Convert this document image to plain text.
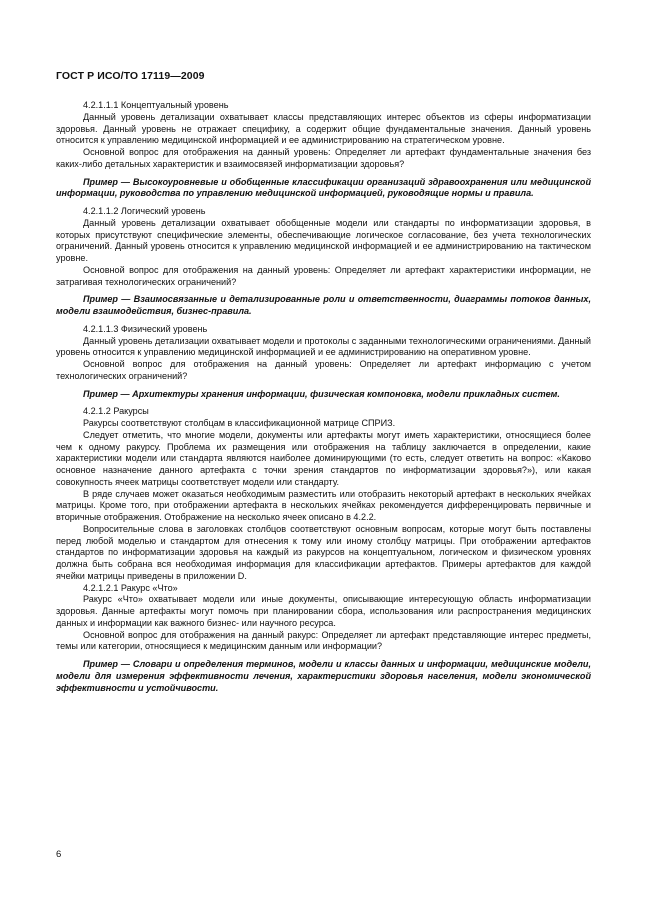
ГОСТ Р ИСО/ТО 17119—2009

4.2.1.1.1 Концептуальный уровень

Данный уровень детализации охватывает классы представляющих интерес объектов из сферы информатизации здоровья. Данный уровень не отражает специфику, а содержит общие фундаментальные значения. Данный уровень относится к управлению медицинской информацией и ее администрированию на стратегическом уровне.

Основной вопрос для отображения на данный уровень: Определяет ли артефакт фундаментальные значения без каких-либо детальных характеристик и взаимосвязей информатизации здоровья?

Пример — Высокоуровневые и обобщенные классификации организаций здравоохранения или медицинской информации, руководства по управлению медицинской информацией, руководящие нормы и правила.

4.2.1.1.2 Логический уровень

Данный уровень детализации охватывает обобщенные модели или стандарты по информатизации здоровья, в которых присутствуют специфические элементы, обеспечивающие логическое согласование, без учета технологических ограничений. Данный уровень относится к управлению медицинской информацией и ее администрированию на тактическом уровне.

Основной вопрос для отображения на данный уровень: Определяет ли артефакт характеристики информации, не затрагивая технологических ограничений?

Пример — Взаимосвязанные и детализированные роли и ответственности, диаграммы потоков данных, модели взаимодействия, бизнес-правила.

4.2.1.1.3 Физический уровень

Данный уровень детализации охватывает модели и протоколы с заданными технологическими ограничениями. Данный уровень относится к управлению медицинской информацией и ее администрированию на оперативном уровне.

Основной вопрос для отображения на данный уровень: Определяет ли артефакт информацию с учетом технологических ограничений?

Пример — Архитектуры хранения информации, физическая компоновка, модели прикладных систем.

4.2.1.2 Ракурсы

Ракурсы соответствуют столбцам в классификационной матрице СПРИЗ.

Следует отметить, что многие модели, документы или артефакты могут иметь характеристики, относящиеся более чем к одному ракурсу. Проблема их размещения или отображения на таблицу заключается в определении, какие характеристики модели или стандарта являются наиболее доминирующими (то есть, следует ответить на вопрос: «Каково основное назначение данного артефакта с точки зрения стандартов по информатизации здоровья?»), или какая совокупность ячеек матрицы соответствует модели или стандарту.

В ряде случаев может оказаться необходимым разместить или отобразить некоторый артефакт в нескольких ячейках матрицы. Кроме того, при отображении артефакта в нескольких ячейках рекомендуется дифференцировать первичные и вторичные отображения. Отображение на несколько ячеек описано в 4.2.2.

Вопросительные слова в заголовках столбцов соответствуют основным вопросам, которые могут быть поставлены перед любой моделью и стандартом для отнесения к тому или иному столбцу матрицы. При отображении артефактов стандартов по информатизации здоровья на каждый из ракурсов на концептуальном, логическом и физическом уровнях должна быть собрана вся необходимая информация для классификации артефактов. Примеры артефактов для каждой ячейки матрицы приведены в приложении D.

4.2.1.2.1 Ракурс «Что»

Ракурс «Что» охватывает модели или иные документы, описывающие интересующую область информатизации здоровья. Данные артефакты могут помочь при планировании сбора, использования или распространения медицинских данных и информации как важного бизнес- или научного ресурса.

Основной вопрос для отображения на данный ракурс: Определяет ли артефакт представляющие интерес предметы, темы или категории, относящиеся к медицинским данным или информации?

Пример — Словари и определения терминов, модели и классы данных и информации, медицинские модели, модели для измерения эффективности лечения, характеристики здоровья населения, модели экономической эффективности и устойчивости.

6
